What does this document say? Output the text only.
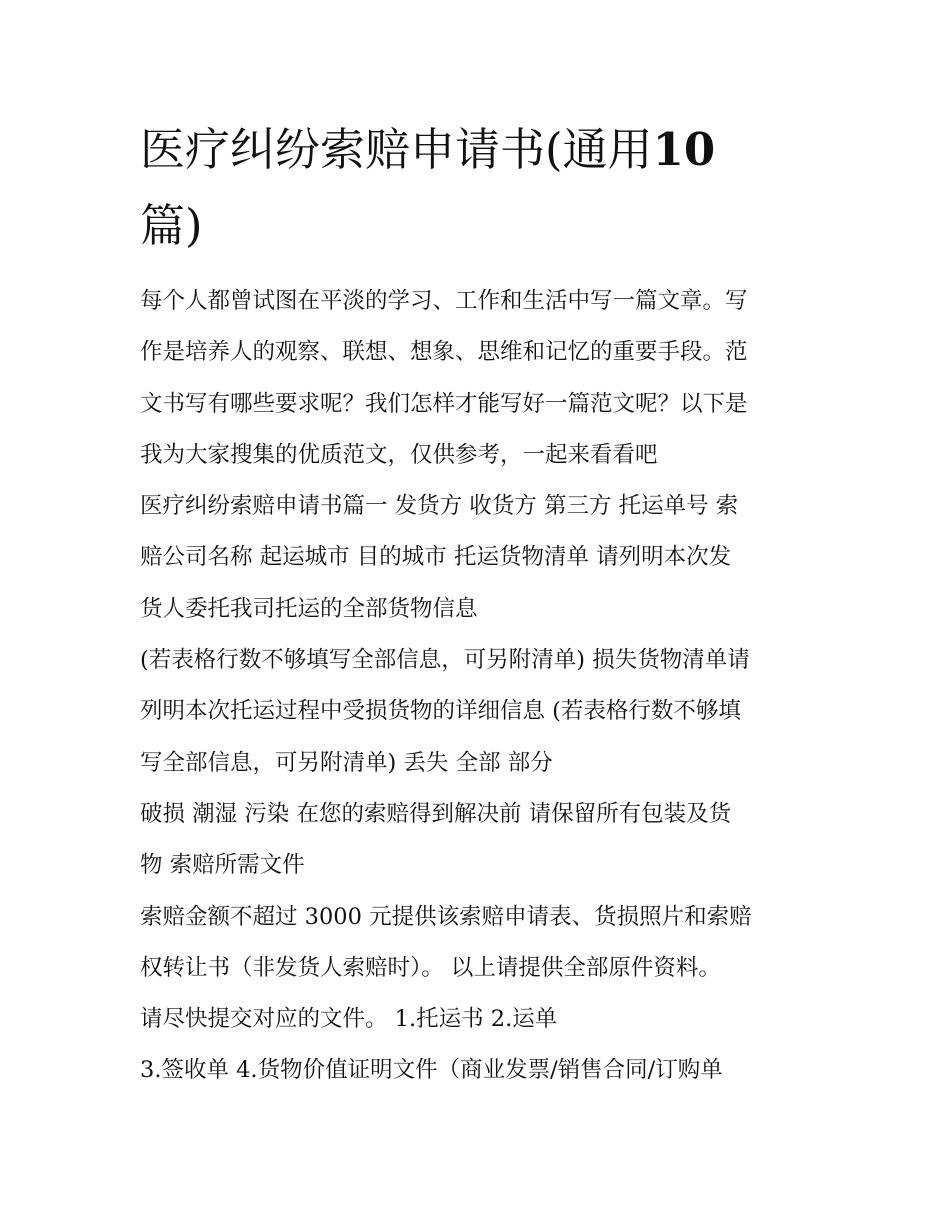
医疗纠纷索赔申请书(通用10
篇)
每个人都曾试图在平淡的学习、工作和生活中写一篇文章。写
作是培养人的观察、联想、想象、思维和记忆的重要手段。范
文书写有哪些要求呢？我们怎样才能写好一篇范文呢？以下是
我为大家搜集的优质范文，仅供参考，一起来看看吧
医疗纠纷索赔申请书篇一 发货方 收货方 第三方 托运单号 索
赔公司名称 起运城市 目的城市 托运货物清单 请列明本次发
货人委托我司托运的全部货物信息
(若表格行数不够填写全部信息，可另附清单) 损失货物清单请
列明本次托运过程中受损货物的详细信息 (若表格行数不够填
写全部信息，可另附清单) 丢失 全部 部分
破损 潮湿 污染 在您的索赔得到解决前 请保留所有包装及货
物 索赔所需文件
索赔金额不超过 3000 元提供该索赔申请表、货损照片和索赔
权转让书（非发货人索赔时）。 以上请提供全部原件资料。
请尽快提交对应的文件。 1.托运书 2.运单
3.签收单 4.货物价值证明文件（商业发票/销售合同/订购单
